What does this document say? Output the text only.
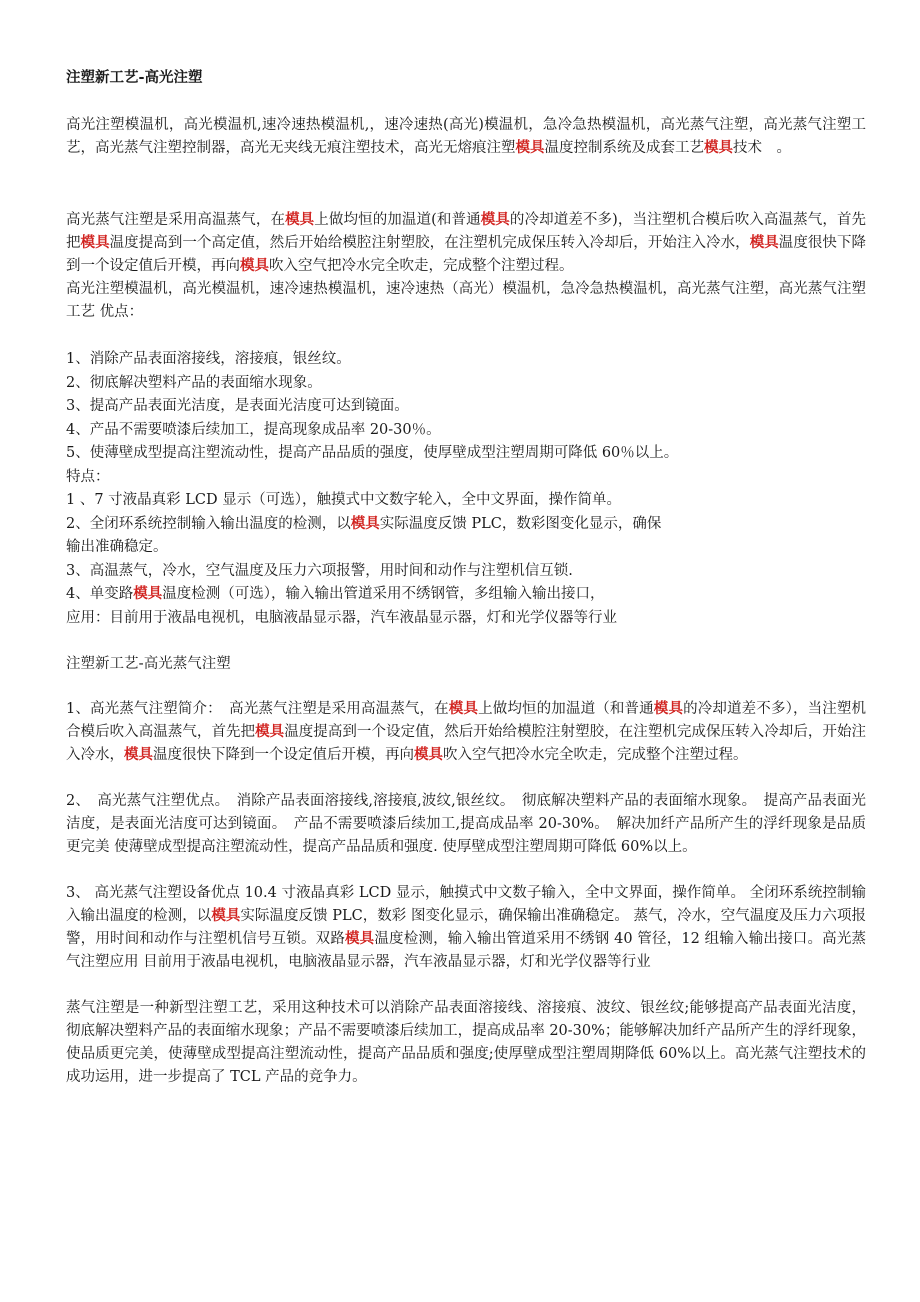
注塑新工艺-高光注塑

高光注塑模温机，高光模温机,速冷速热模温机,，速冷速热(高光)模温机，急冷急热模温机，高光蒸气注塑，高光蒸气注塑工艺，高光蒸气注塑控制器，高光无夹线无痕注塑技术，高光无熔痕注塑模具温度控制系统及成套工艺模具技术　。

高光蒸气注塑是采用高温蒸气，在模具上做均恒的加温道(和普通模具的冷却道差不多)，当注塑机合模后吹入高温蒸气，首先把模具温度提高到一个高定值，然后开始给模腔注射塑胶，在注塑机完成保压转入冷却后，开始注入冷水，模具温度很快下降到一个设定值后开模，再向模具吹入空气把冷水完全吹走，完成整个注塑过程。

高光注塑模温机，高光模温机，速冷速热模温机，速冷速热（高光）模温机，急冷急热模温机，高光蒸气注塑，高光蒸气注塑工艺 优点：

1、消除产品表面溶接线，溶接痕，银丝纹。
2、彻底解决塑料产品的表面缩水现象。
3、提高产品表面光洁度，是表面光洁度可达到镜面。
4、产品不需要喷漆后续加工，提高现象成品率 20-30％。
5、使薄壁成型提高注塑流动性，提高产品品质的强度，使厚壁成型注塑周期可降低 60％以上。
特点：
1 、7 寸液晶真彩 LCD 显示（可选），触摸式中文数字轮入，全中文界面，操作简单。
2、全闭环系统控制输入输出温度的检测，以模具实际温度反馈 PLC，数彩图变化显示，确保
输出准确稳定。
3、高温蒸气，冷水，空气温度及压力六项报警，用时间和动作与注塑机信互锁.
4、单变路模具温度检测（可选），输入输出管道采用不绣钢管，多组输入输出接口，
应用：目前用于液晶电视机，电脑液晶显示器，汽车液晶显示器，灯和光学仪器等行业
注塑新工艺-高光蒸气注塑

1、高光蒸气注塑简介：　高光蒸气注塑是采用高温蒸气，在模具上做均恒的加温道（和普通模具的冷却道差不多），当注塑机合模后吹入高温蒸气，首先把模具温度提高到一个设定值，然后开始给模腔注射塑胶，在注塑机完成保压转入冷却后，开始注入冷水，模具温度很快下降到一个设定值后开模，再向模具吹入空气把冷水完全吹走，完成整个注塑过程。

2、　高光蒸气注塑优点。　消除产品表面溶接线,溶接痕,波纹,银丝纹。　彻底解决塑料产品的表面缩水现象。　提高产品表面光洁度，是表面光洁度可达到镜面。　产品不需要喷漆后续加工,提高成品率 20-30%。　解决加纤产品所产生的浮纤现象是品质更完美 使薄壁成型提高注塑流动性，提高产品品质和强度. 使厚壁成型注塑周期可降低 60%以上。

3、 高光蒸气注塑设备优点 10.4 寸液晶真彩 LCD 显示，触摸式中文数子输入，全中文界面，操作简单。 全闭环系统控制输入输出温度的检测，以模具实际温度反馈 PLC，数彩 图变化显示，确保输出准确稳定。 蒸气，冷水，空气温度及压力六项报警，用时间和动作与注塑机信号互锁。双路模具温度检测，输入输出管道采用不绣钢 40 管径，12 组输入输出接口。高光蒸气注塑应用 目前用于液晶电视机，电脑液晶显示器，汽车液晶显示器，灯和光学仪器等行业

蒸气注塑是一种新型注塑工艺，采用这种技术可以消除产品表面溶接线、溶接痕、波纹、银丝纹;能够提高产品表面光洁度，彻底解决塑料产品的表面缩水现象；产品不需要喷漆后续加工，提高成品率 20-30%；能够解决加纤产品所产生的浮纤现象，使品质更完美，使薄壁成型提高注塑流动性，提高产品品质和强度;使厚壁成型注塑周期降低 60%以上。高光蒸气注塑技术的成功运用，进一步提高了 TCL 产品的竞争力。
